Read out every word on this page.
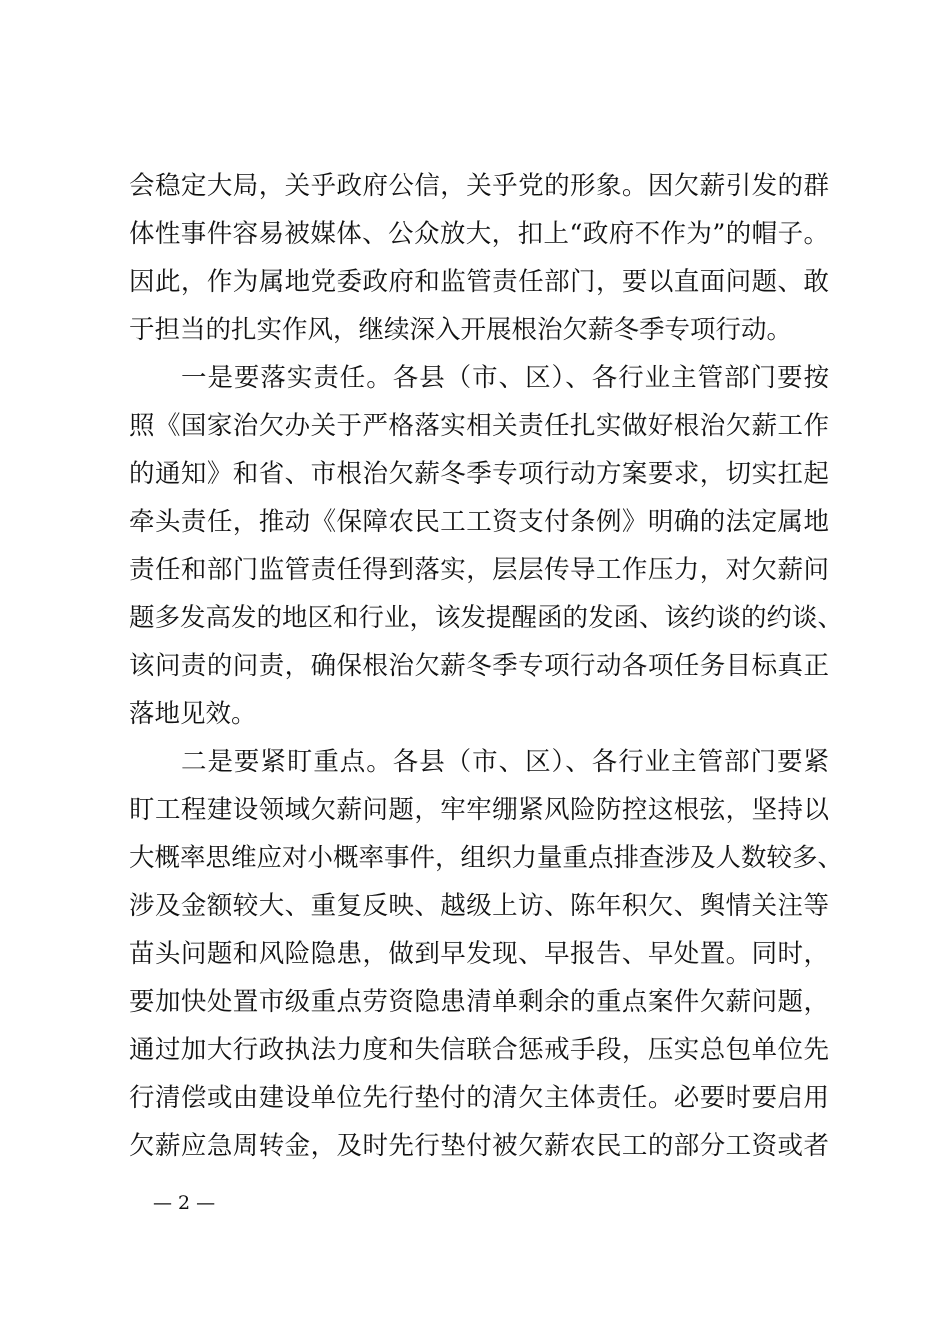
会稳定大局，关乎政府公信，关乎党的形象。因欠薪引发的群
体性事件容易被媒体、公众放大，扣上“政府不作为”的帽子。
因此，作为属地党委政府和监管责任部门，要以直面问题、敢
于担当的扎实作风，继续深入开展根治欠薪冬季专项行动。
一是要落实责任。各县（市、区）、各行业主管部门要按
照《国家治欠办关于严格落实相关责任扎实做好根治欠薪工作
的通知》和省、市根治欠薪冬季专项行动方案要求，切实扛起
牵头责任，推动《保障农民工工资支付条例》明确的法定属地
责任和部门监管责任得到落实，层层传导工作压力，对欠薪问
题多发高发的地区和行业，该发提醒函的发函、该约谈的约谈、
该问责的问责，确保根治欠薪冬季专项行动各项任务目标真正
落地见效。
二是要紧盯重点。各县（市、区）、各行业主管部门要紧
盯工程建设领域欠薪问题，牢牢绷紧风险防控这根弦，坚持以
大概率思维应对小概率事件，组织力量重点排查涉及人数较多、
涉及金额较大、重复反映、越级上访、陈年积欠、舆情关注等
苗头问题和风险隐患，做到早发现、早报告、早处置。同时，
要加快处置市级重点劳资隐患清单剩余的重点案件欠薪问题，
通过加大行政执法力度和失信联合惩戒手段，压实总包单位先
行清偿或由建设单位先行垫付的清欠主体责任。必要时要启用
欠薪应急周转金，及时先行垫付被欠薪农民工的部分工资或者
— 2 —
